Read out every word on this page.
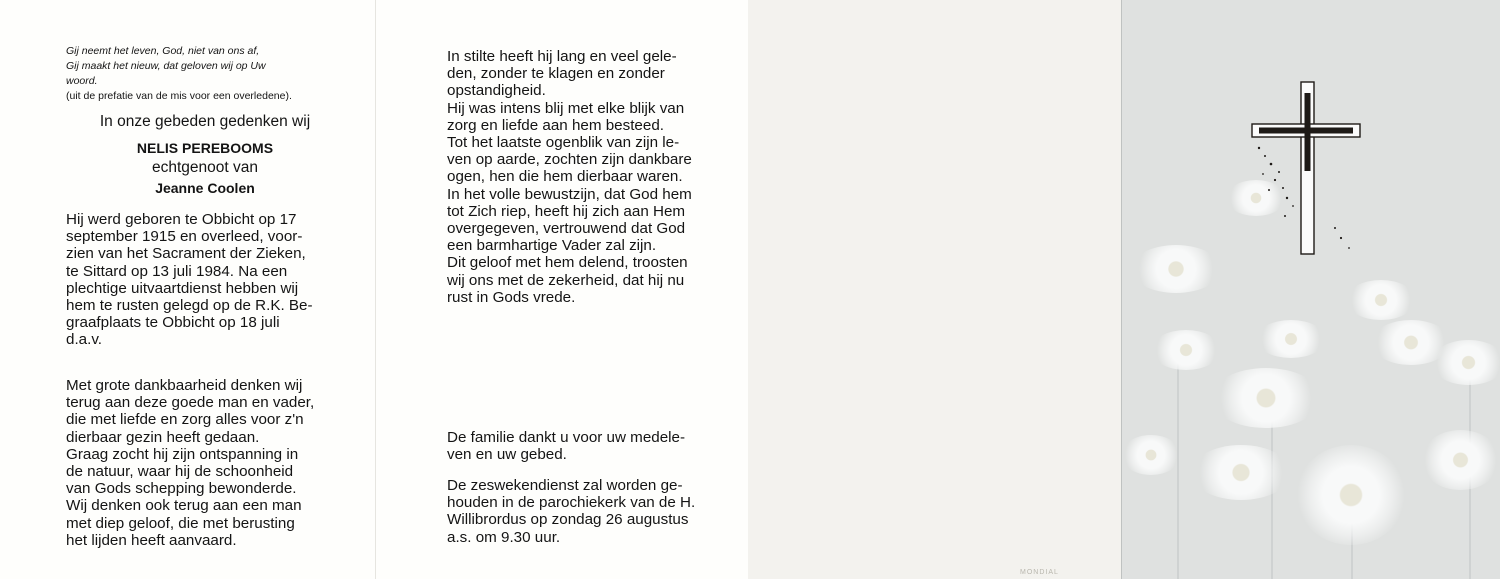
Gij neemt het leven, God, niet van ons af,
Gij maakt het nieuw, dat geloven wij op Uw
woord.
(uit de prefatie van de mis voor een overledene).
In onze gebeden gedenken wij
NELIS PEREBOOMS
echtgenoot van
Jeanne Coolen
Hij werd geboren te Obbicht op 17
september 1915 en overleed, voor-
zien van het Sacrament der Zieken,
te Sittard op 13 juli 1984. Na een
plechtige uitvaartdienst hebben wij
hem te rusten gelegd op de R.K. Be-
graafplaats te Obbicht op 18 juli
d.a.v.
Met grote dankbaarheid denken wij
terug aan deze goede man en vader,
die met liefde en zorg alles voor z'n
dierbaar gezin heeft gedaan.
Graag zocht hij zijn ontspanning in
de natuur, waar hij de schoonheid
van Gods schepping bewonderde.
Wij denken ook terug aan een man
met diep geloof, die met berusting
het lijden heeft aanvaard.
In stilte heeft hij lang en veel gele-
den, zonder te klagen en zonder
opstandigheid.
Hij was intens blij met elke blijk van
zorg en liefde aan hem besteed.
Tot het laatste ogenblik van zijn le-
ven op aarde, zochten zijn dankbare
ogen, hen die hem dierbaar waren.
In het volle bewustzijn, dat God hem
tot Zich riep, heeft hij zich aan Hem
overgegeven, vertrouwend dat God
een barmhartige Vader zal zijn.
Dit geloof met hem delend, troosten
wij ons met de zekerheid, dat hij nu
rust in Gods vrede.
De familie dankt u voor uw medele-
ven en uw gebed.
De zeswekendienst zal worden ge-
houden in de parochiekerk van de H.
Willibrordus op zondag 26 augustus
a.s. om 9.30 uur.
MONDIAL
